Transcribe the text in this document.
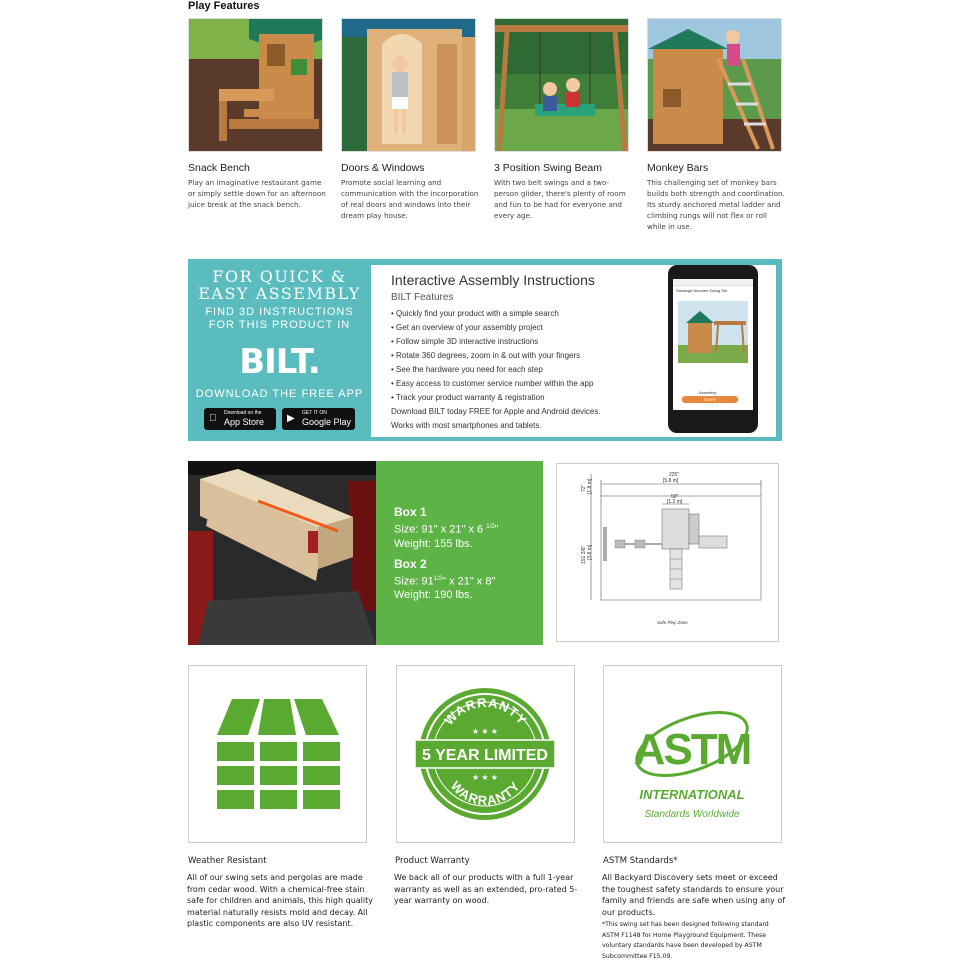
Play Features
Snack Bench
Play an imaginative restaurant game or simply settle down for an afternoon juice break at the snack bench.
Doors & Windows
Promote social learning and communication with the incorporation of real doors and windows into their dream play house.
3 Position Swing Beam
With two belt swings and a two-person glider, there's plenty of room and fun to be had for everyone and every age.
Monkey Bars
This challenging set of monkey bars builds both strength and coordination. Its sturdy anchored metal ladder and climbing rungs will not flex or roll while in use.
FOR QUICK &
EASY ASSEMBLY
FIND 3D INSTRUCTIONS
FOR THIS PRODUCT IN
BILT.
DOWNLOAD THE FREE APP
Download on the
App Store	▶	GET IT ON
Google Play
Interactive Assembly Instructions
BILT Features
• Quickly find your product with a simple search
• Get an overview of your assembly project
• Follow simple 3D interactive instructions
• Rotate 360 degrees, zoom in & out with your fingers
• See the hardware you need for each step
• Easy access to customer service number within the app
• Track your product warranty & registration
Download BILT today FREE for Apple and Android devices.
Works with most smartphones and tablets.
Saratoga Wooden Swing Set
Assembly
START
Box 1
Size: 91" x 21" x 6 $^{1/2}$"
Weight: 155 lbs.
Box 2
Size: $91^{1/2}$" x 21" x 8"
Weight: 190 lbs.
225"
[5.8 m]
50"
[1.2 m]
72" [1.8 m]
151 3/8" [3.8 m]
Safe Play Zone
WARRANTY
WARRANTY
5 YEAR LIMITED
★ ★ ★
★ ★ ★
ASTM
INTERNATIONAL
Standards Worldwide
Weather Resistant
All of our swing sets and pergolas are made from cedar wood. With a chemical-free stain safe for children and animals, this high quality material naturally resists mold and decay. All plastic components are also UV resistant.
Product Warranty
We back all of our products with a full 1-year warranty as well as an extended, pro-rated 5-year warranty on wood.
ASTM Standards*
All Backyard Discovery sets meet or exceed the toughest safety standards to ensure your family and friends are safe when using any of our products.
*This swing set has been designed following standard ASTM F1148 for Home Playground Equipment. These voluntary standards have been developed by ASTM Subcommittee F15.09.
